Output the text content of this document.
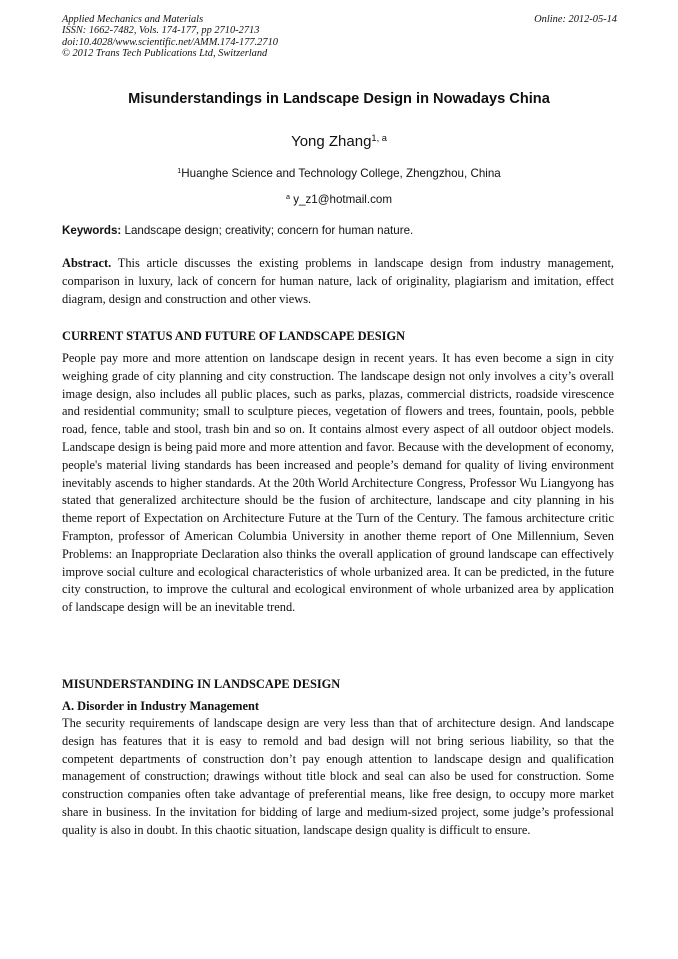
Applied Mechanics and Materials
ISSN: 1662-7482, Vols. 174-177, pp 2710-2713
doi:10.4028/www.scientific.net/AMM.174-177.2710
© 2012 Trans Tech Publications Ltd, Switzerland
Online: 2012-05-14
Misunderstandings in Landscape Design in Nowadays China
Yong Zhang$^{1, a}$
$^1$Huanghe Science and Technology College, Zhengzhou, China
$^a$ y_z1@hotmail.com
Keywords: Landscape design; creativity; concern for human nature.
Abstract. This article discusses the existing problems in landscape design from industry management, comparison in luxury, lack of concern for human nature, lack of originality, plagiarism and imitation, effect diagram, design and construction and other views.
CURRENT STATUS AND FUTURE OF LANDSCAPE DESIGN
People pay more and more attention on landscape design in recent years. It has even become a sign in city weighing grade of city planning and city construction. The landscape design not only involves a city’s overall image design, also includes all public places, such as parks, plazas, commercial districts, roadside virescence and residential community; small to sculpture pieces, vegetation of flowers and trees, fountain, pools, pebble road, fence, table and stool, trash bin and so on. It contains almost every aspect of all outdoor object models. Landscape design is being paid more and more attention and favor. Because with the development of economy, people's material living standards has been increased and people’s demand for quality of living environment inevitably ascends to higher standards. At the 20th World Architecture Congress, Professor Wu Liangyong has stated that generalized architecture should be the fusion of architecture, landscape and city planning in his theme report of Expectation on Architecture Future at the Turn of the Century. The famous architecture critic Frampton, professor of American Columbia University in another theme report of One Millennium, Seven Problems: an Inappropriate Declaration also thinks the overall application of ground landscape can effectively improve social culture and ecological characteristics of whole urbanized area. It can be predicted, in the future city construction, to improve the cultural and ecological environment of whole urbanized area by application of landscape design will be an inevitable trend.
MISUNDERSTANDING IN LANDSCAPE DESIGN
A. Disorder in Industry Management
The security requirements of landscape design are very less than that of architecture design. And landscape design has features that it is easy to remold and bad design will not bring serious liability, so that the competent departments of construction don’t pay enough attention to landscape design and qualification management of construction; drawings without title block and seal can also be used for construction. Some construction companies often take advantage of preferential means, like free design, to occupy more market share in business. In the invitation for bidding of large and medium-sized project, some judge’s professional quality is also in doubt. In this chaotic situation, landscape design quality is difficult to ensure.
